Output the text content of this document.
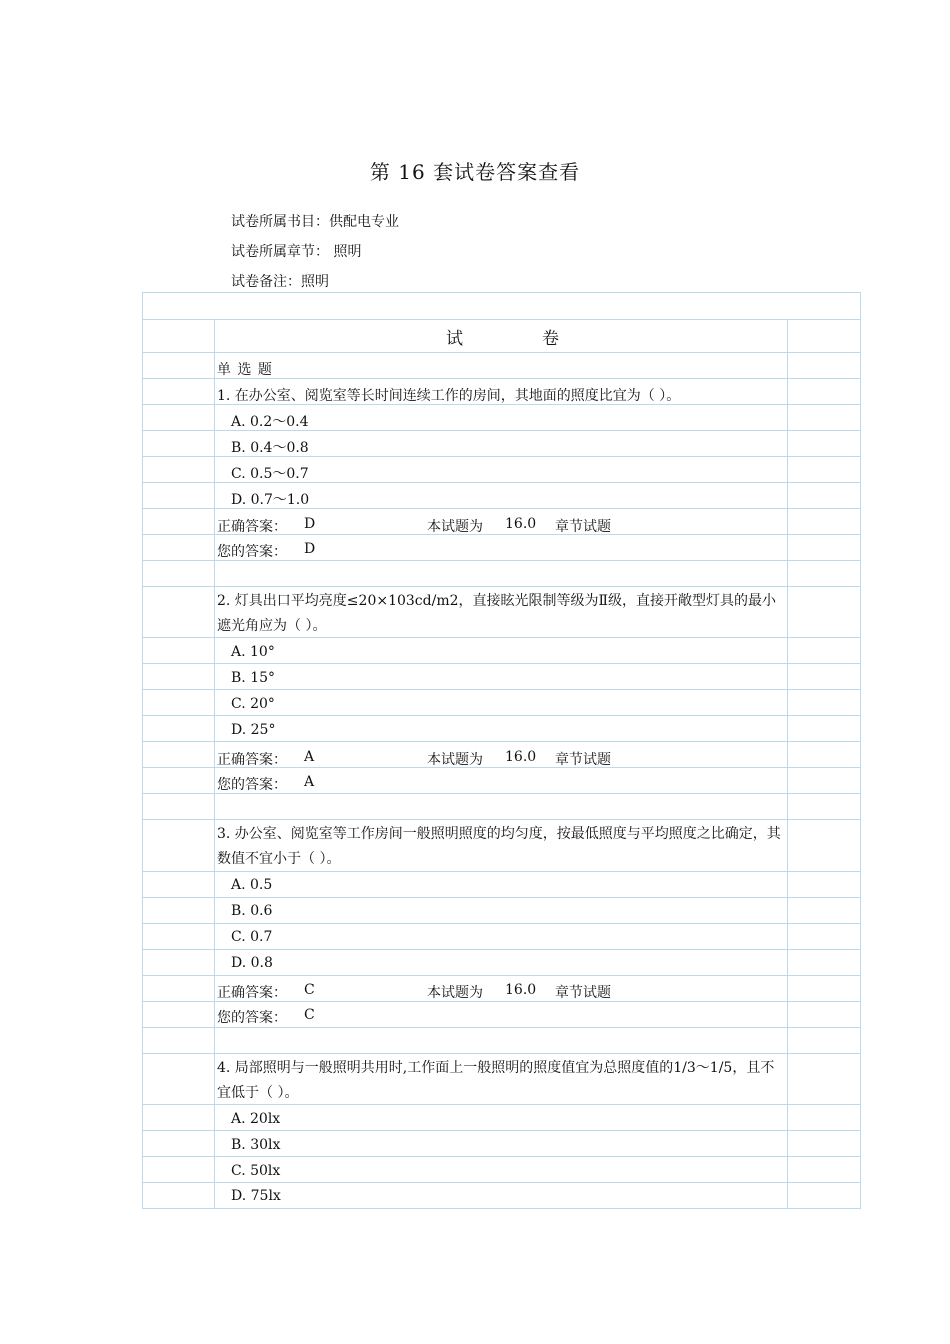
第 16 套试卷答案查看
试卷所属书目：供配电专业
试卷所属章节： 照明
试卷备注：照明
试	卷
单 选 题
1. 在办公室、阅览室等长时间连续工作的房间，其地面的照度比宜为（ ）。
A. 0.2～0.4
B. 0.4～0.8
C. 0.5～0.7
D. 0.7～1.0
正确答案： D	本试题为 16.0 章节试题
您的答案： D
2. 灯具出口平均亮度≤20×103cd/m2，直接眩光限制等级为Ⅱ级，直接开敞型灯具的最小遮光角应为（ ）。
A. 10°
B. 15°
C. 20°
D. 25°
正确答案： A	本试题为 16.0 章节试题
您的答案： A
3. 办公室、阅览室等工作房间一般照明照度的均匀度，按最低照度与平均照度之比确定，其数值不宜小于（ ）。
A. 0.5
B. 0.6
C. 0.7
D. 0.8
正确答案： C	本试题为 16.0 章节试题
您的答案： C
4. 局部照明与一般照明共用时,工作面上一般照明的照度值宜为总照度值的1/3～1/5，且不宜低于（ ）。
A. 20lx
B. 30lx
C. 50lx
D. 75lx
